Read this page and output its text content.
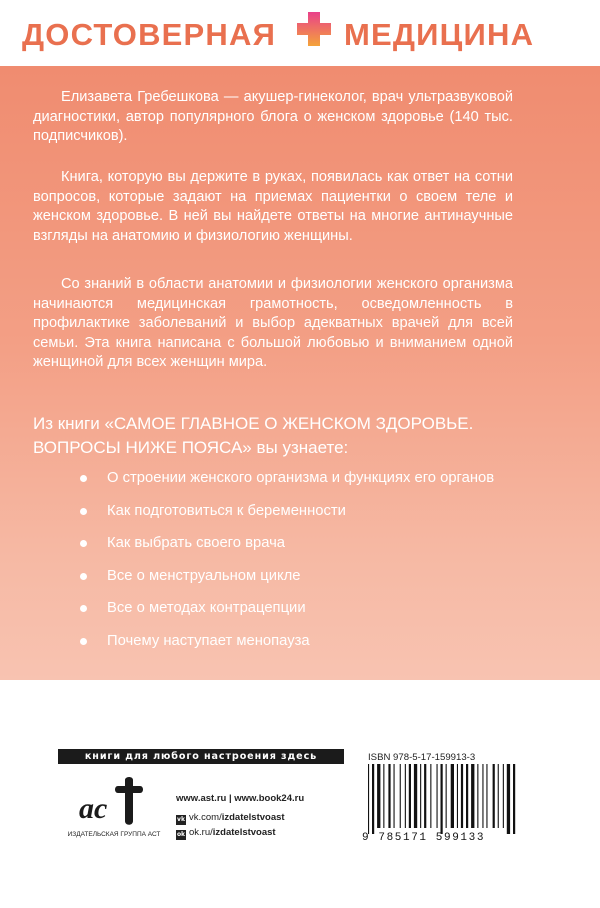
ДОСТОВЕРНАЯ МЕДИЦИНА

Елизавета Гребешкова — акушер-гинеколог, врач ультразвуковой диагностики, автор популярного блога о женском здоровье (140 тыс. подписчиков).

Книга, которую вы держите в руках, появилась как ответ на сотни вопросов, которые задают на приемах пациентки о своем теле и женском здоровье. В ней вы найдете ответы на многие антинаучные взгляды на анатомию и физиологию женщины.

Со знаний в области анатомии и физиологии женского организма начинаются медицинская грамотность, осведомленность в профилактике заболеваний и выбор адекватных врачей для всей семьи. Эта книга написана с большой любовью и вниманием одной женщиной для всех женщин мира.

Из книги «САМОЕ ГЛАВНОЕ О ЖЕНСКОМ ЗДОРОВЬЕ. ВОПРОСЫ НИЖЕ ПОЯСА» вы узнаете:

О строении женского организма и функциях его органов
Как подготовиться к беременности
Как выбрать своего врача
Все о менструальном цикле
Все о методах контрацепции
Почему наступает менопауза
книги для любого настроения здесь
ac
ИЗДАТЕЛЬСКАЯ ГРУППА АСТ
www.ast.ru | www.book24.ru
vk vk.com/izdatelstvoast
ok ok.ru/izdatelstvoast
ISBN 978-5-17-159913-3
9 785171 599133
